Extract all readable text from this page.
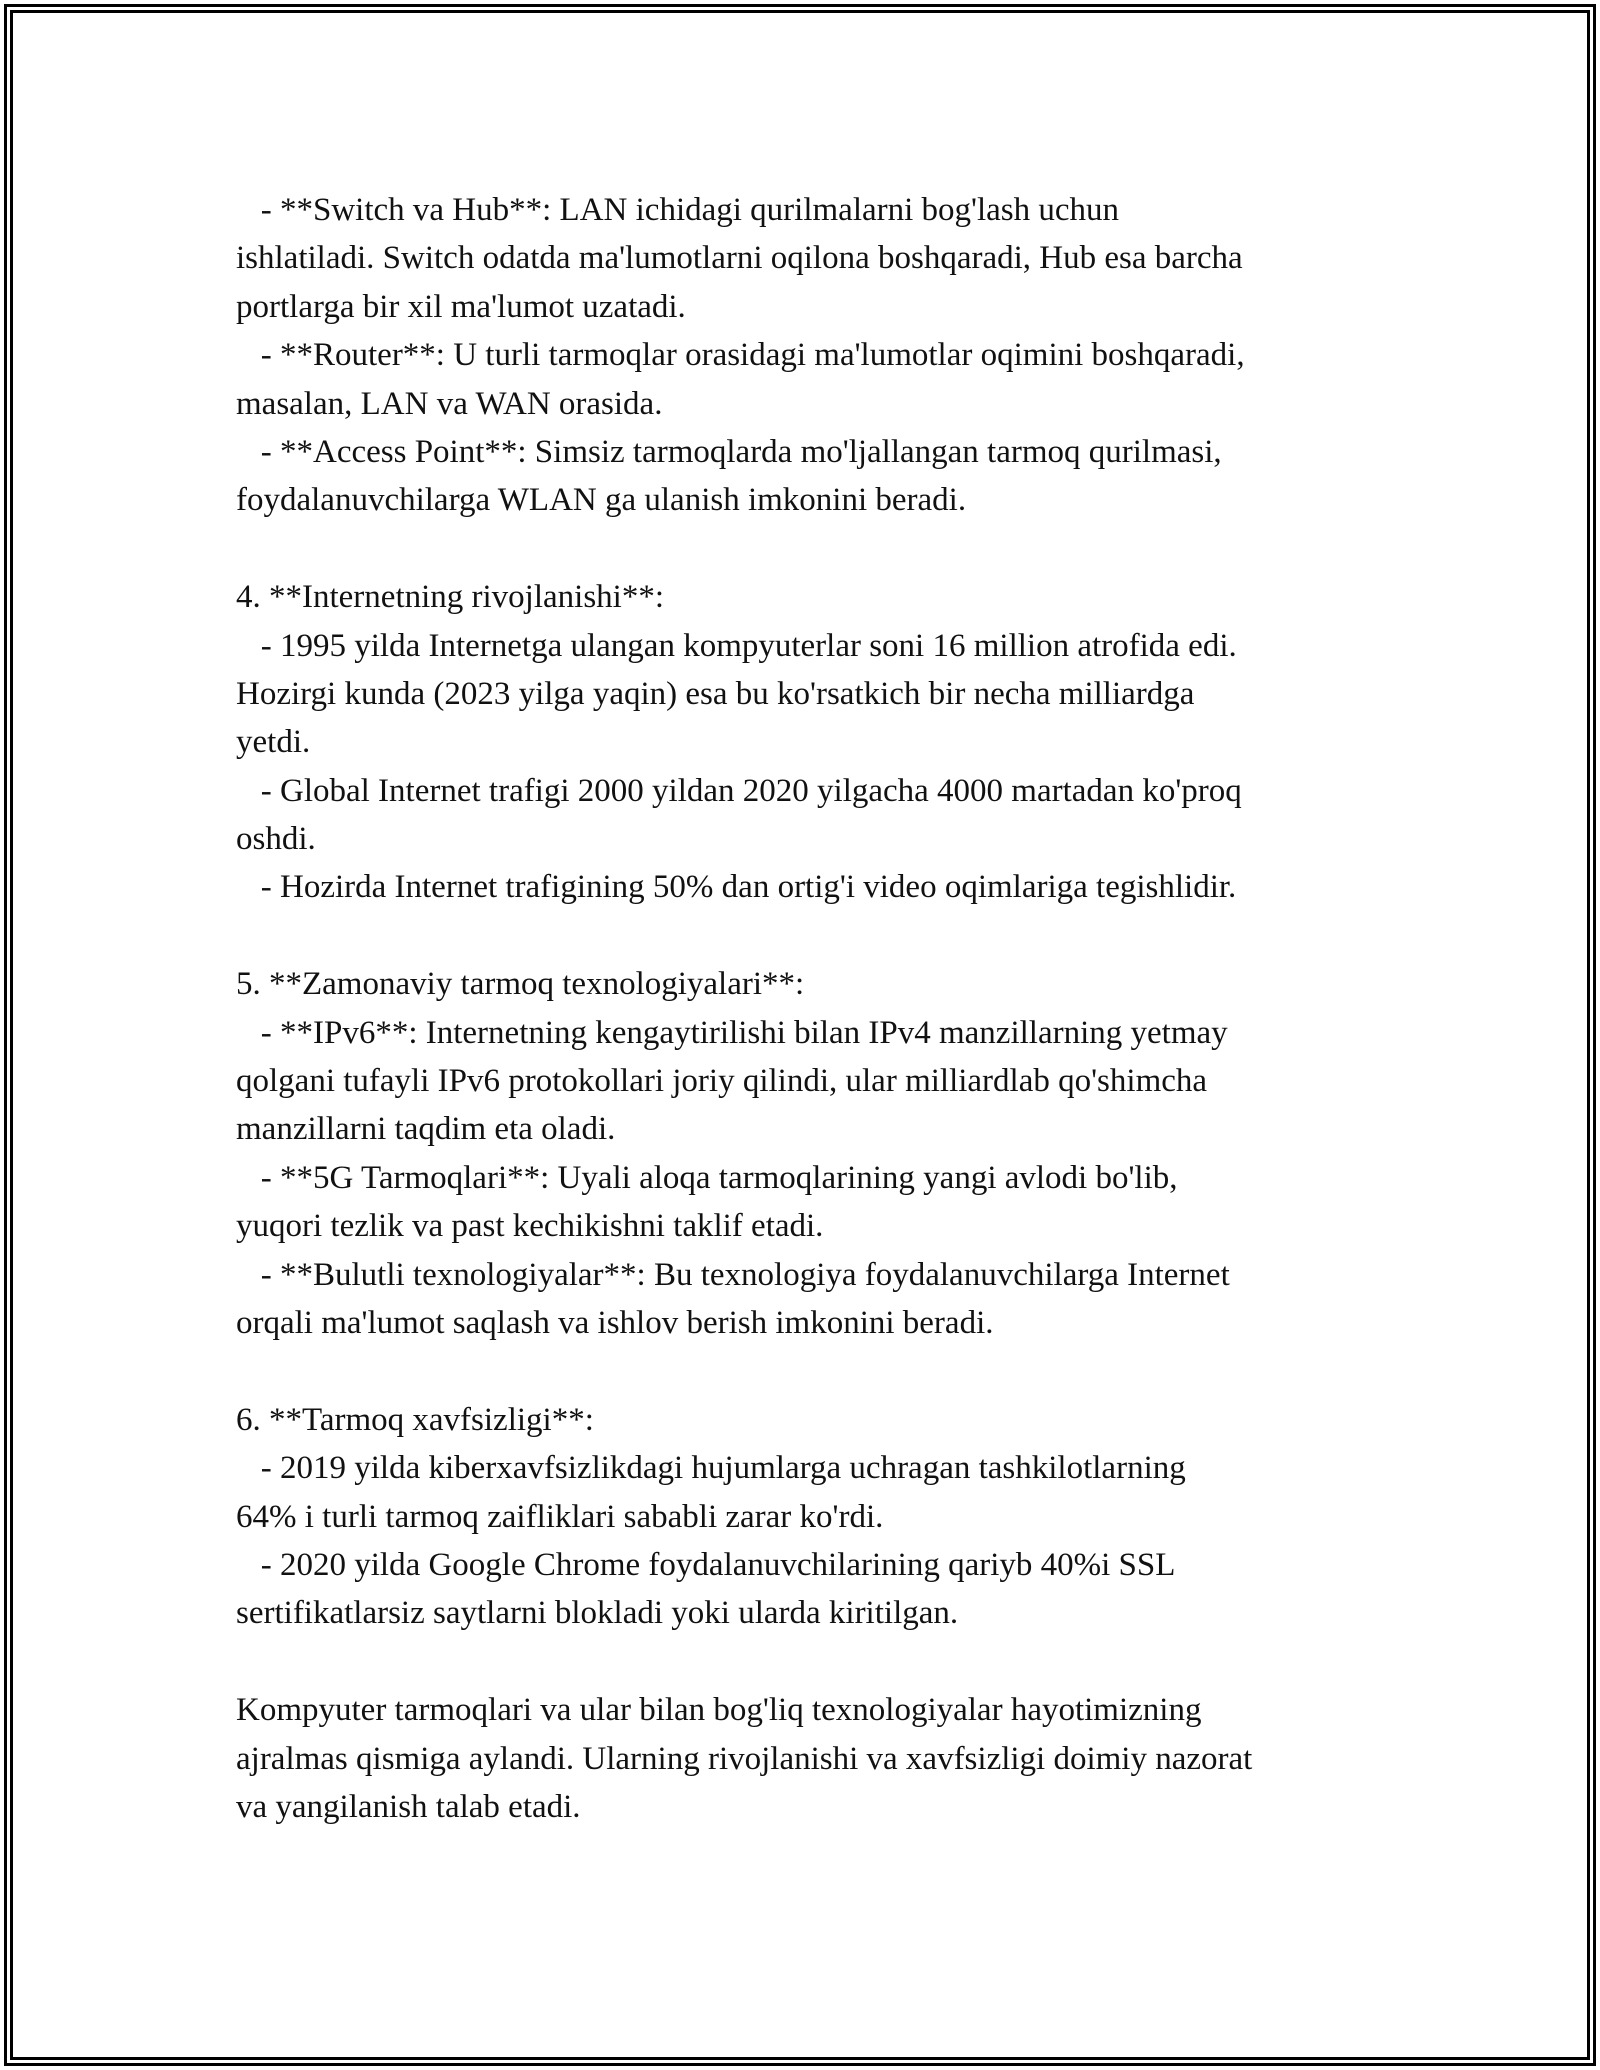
- **Switch va Hub**: LAN ichidagi qurilmalarni bog'lash uchun
ishlatiladi. Switch odatda ma'lumotlarni oqilona boshqaradi, Hub esa barcha
portlarga bir xil ma'lumot uzatadi.
- **Router**: U turli tarmoqlar orasidagi ma'lumotlar oqimini boshqaradi,
masalan, LAN va WAN orasida.
- **Access Point**: Simsiz tarmoqlarda mo'ljallangan tarmoq qurilmasi,
foydalanuvchilarga WLAN ga ulanish imkonini beradi.
4. **Internetning rivojlanishi**:
- 1995 yilda Internetga ulangan kompyuterlar soni 16 million atrofida edi.
Hozirgi kunda (2023 yilga yaqin) esa bu ko'rsatkich bir necha milliardga
yetdi.
- Global Internet trafigi 2000 yildan 2020 yilgacha 4000 martadan ko'proq
oshdi.
- Hozirda Internet trafigining 50% dan ortig'i video oqimlariga tegishlidir.
5. **Zamonaviy tarmoq texnologiyalari**:
- **IPv6**: Internetning kengaytirilishi bilan IPv4 manzillarning yetmay
qolgani tufayli IPv6 protokollari joriy qilindi, ular milliardlab qo'shimcha
manzillarni taqdim eta oladi.
- **5G Tarmoqlari**: Uyali aloqa tarmoqlarining yangi avlodi bo'lib,
yuqori tezlik va past kechikishni taklif etadi.
- **Bulutli texnologiyalar**: Bu texnologiya foydalanuvchilarga Internet
orqali ma'lumot saqlash va ishlov berish imkonini beradi.
6. **Tarmoq xavfsizligi**:
- 2019 yilda kiberxavfsizlikdagi hujumlarga uchragan tashkilotlarning
64% i turli tarmoq zaifliklari sababli zarar ko'rdi.
- 2020 yilda Google Chrome foydalanuvchilarining qariyb 40%i SSL
sertifikatlarsiz saytlarni blokladi yoki ularda kiritilgan.
Kompyuter tarmoqlari va ular bilan bog'liq texnologiyalar hayotimizning
ajralmas qismiga aylandi. Ularning rivojlanishi va xavfsizligi doimiy nazorat
va yangilanish talab etadi.
